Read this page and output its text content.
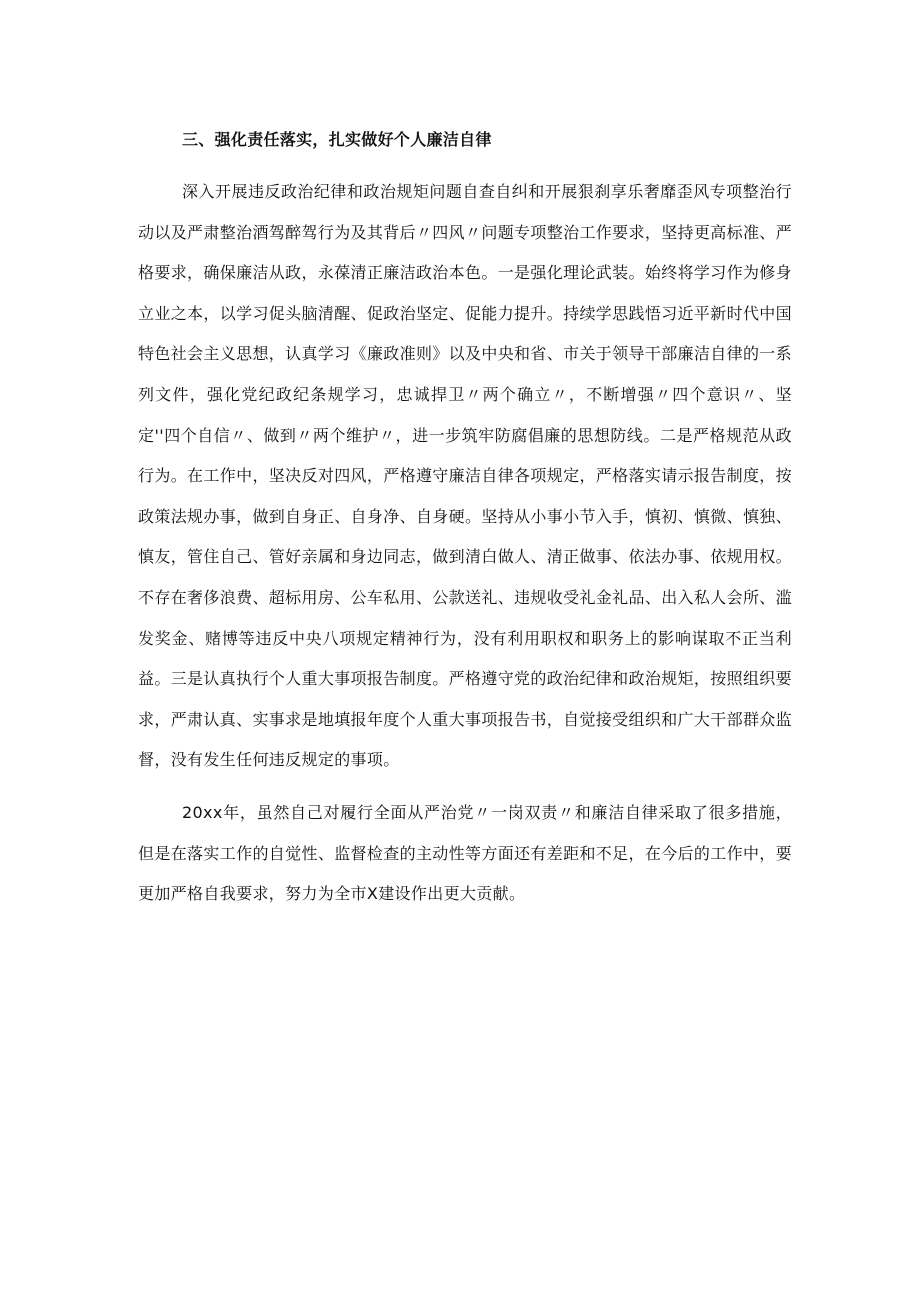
三、强化责任落实，扎实做好个人廉洁自律

深入开展违反政治纪律和政治规矩问题自查自纠和开展狠刹享乐奢靡歪风专项整治行动以及严肃整治酒驾醉驾行为及其背后〃四风〃问题专项整治工作要求，坚持更高标准、严格要求，确保廉洁从政，永葆清正廉洁政治本色。一是强化理论武装。始终将学习作为修身立业之本，以学习促头脑清醒、促政治坚定、促能力提升。持续学思践悟习近平新时代中国特色社会主义思想，认真学习《廉政准则》以及中央和省、市关于领导干部廉洁自律的一系列文件，强化党纪政纪条规学习，忠诚捍卫〃两个确立〃，不断增强〃四个意识〃、坚定''四个自信〃、做到〃两个维护〃，进一步筑牢防腐倡廉的思想防线。二是严格规范从政行为。在工作中，坚决反对四风，严格遵守廉洁自律各项规定，严格落实请示报告制度，按政策法规办事，做到自身正、自身净、自身硬。坚持从小事小节入手，慎初、慎微、慎独、慎友，管住自己、管好亲属和身边同志，做到清白做人、清正做事、依法办事、依规用权。不存在奢侈浪费、超标用房、公车私用、公款送礼、违规收受礼金礼品、出入私人会所、滥发奖金、赌博等违反中央八项规定精神行为，没有利用职权和职务上的影响谋取不正当利益。三是认真执行个人重大事项报告制度。严格遵守党的政治纪律和政治规矩，按照组织要求，严肃认真、实事求是地填报年度个人重大事项报告书，自觉接受组织和广大干部群众监督，没有发生任何违反规定的事项。

20xx年，虽然自己对履行全面从严治党〃一岗双责〃和廉洁自律采取了很多措施，但是在落实工作的自觉性、监督检查的主动性等方面还有差距和不足，在今后的工作中，要更加严格自我要求，努力为全市X建设作出更大贡献。
